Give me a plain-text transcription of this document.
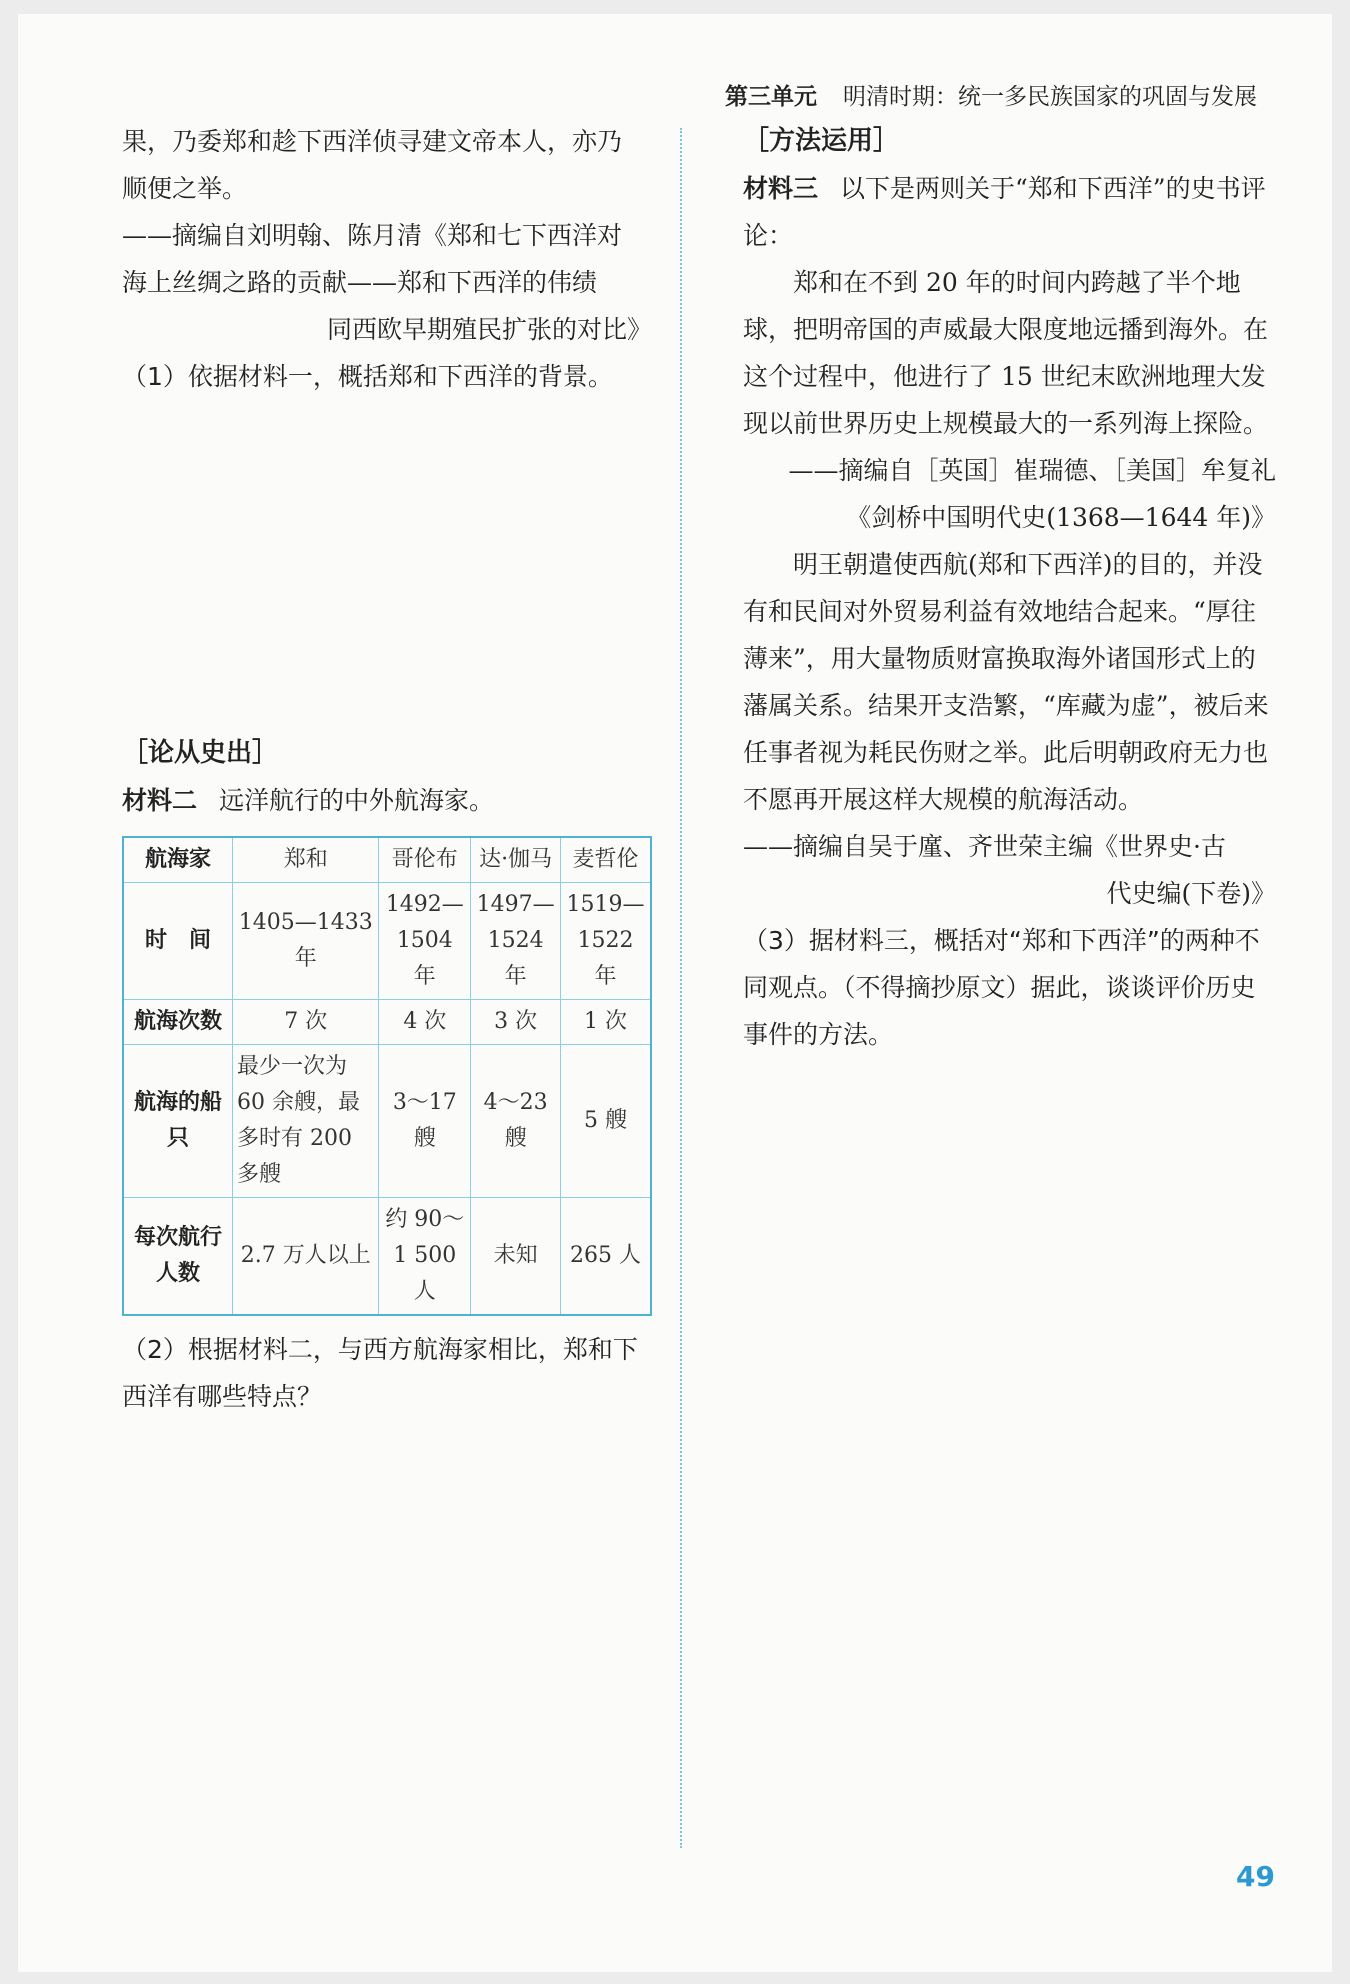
第三单元 明清时期：统一多民族国家的巩固与发展

果，乃委郑和趁下西洋侦寻建文帝本人，亦乃

顺便之举。

——摘编自刘明翰、陈月清《郑和七下西洋对

海上丝绸之路的贡献——郑和下西洋的伟绩

同西欧早期殖民扩张的对比》

（1）依据材料一，概括郑和下西洋的背景。

［论从史出］

材料二 远洋航行的中外航海家。

航海家	郑和	哥伦布	达·伽马	麦哲伦
时　间	1405—1433 年	1492—1504 年	1497—1524 年	1519—1522 年
航海次数	7 次	4 次	3 次	1 次
航海的船只	最少一次为 60 余艘，最多时有 200 多艘	3～17 艘	4～23 艘	5 艘
每次航行人数	2.7 万人以上	约 90～1 500 人	未知	265 人

（2）根据材料二，与西方航海家相比，郑和下西洋有哪些特点？

［方法运用］

材料三 以下是两则关于“郑和下西洋”的史书评论：

郑和在不到 20 年的时间内跨越了半个地球，把明帝国的声威最大限度地远播到海外。在这个过程中，他进行了 15 世纪末欧洲地理大发现以前世界历史上规模最大的一系列海上探险。

——摘编自［英国］崔瑞德、［美国］牟复礼

《剑桥中国明代史(1368—1644 年)》

明王朝遣使西航(郑和下西洋)的目的，并没有和民间对外贸易利益有效地结合起来。“厚往薄来”，用大量物质财富换取海外诸国形式上的藩属关系。结果开支浩繁，“库藏为虚”，被后来任事者视为耗民伤财之举。此后明朝政府无力也不愿再开展这样大规模的航海活动。

——摘编自吴于廑、齐世荣主编《世界史·古

代史编(下卷)》

（3）据材料三，概括对“郑和下西洋”的两种不同观点。（不得摘抄原文）据此，谈谈评价历史事件的方法。

49
